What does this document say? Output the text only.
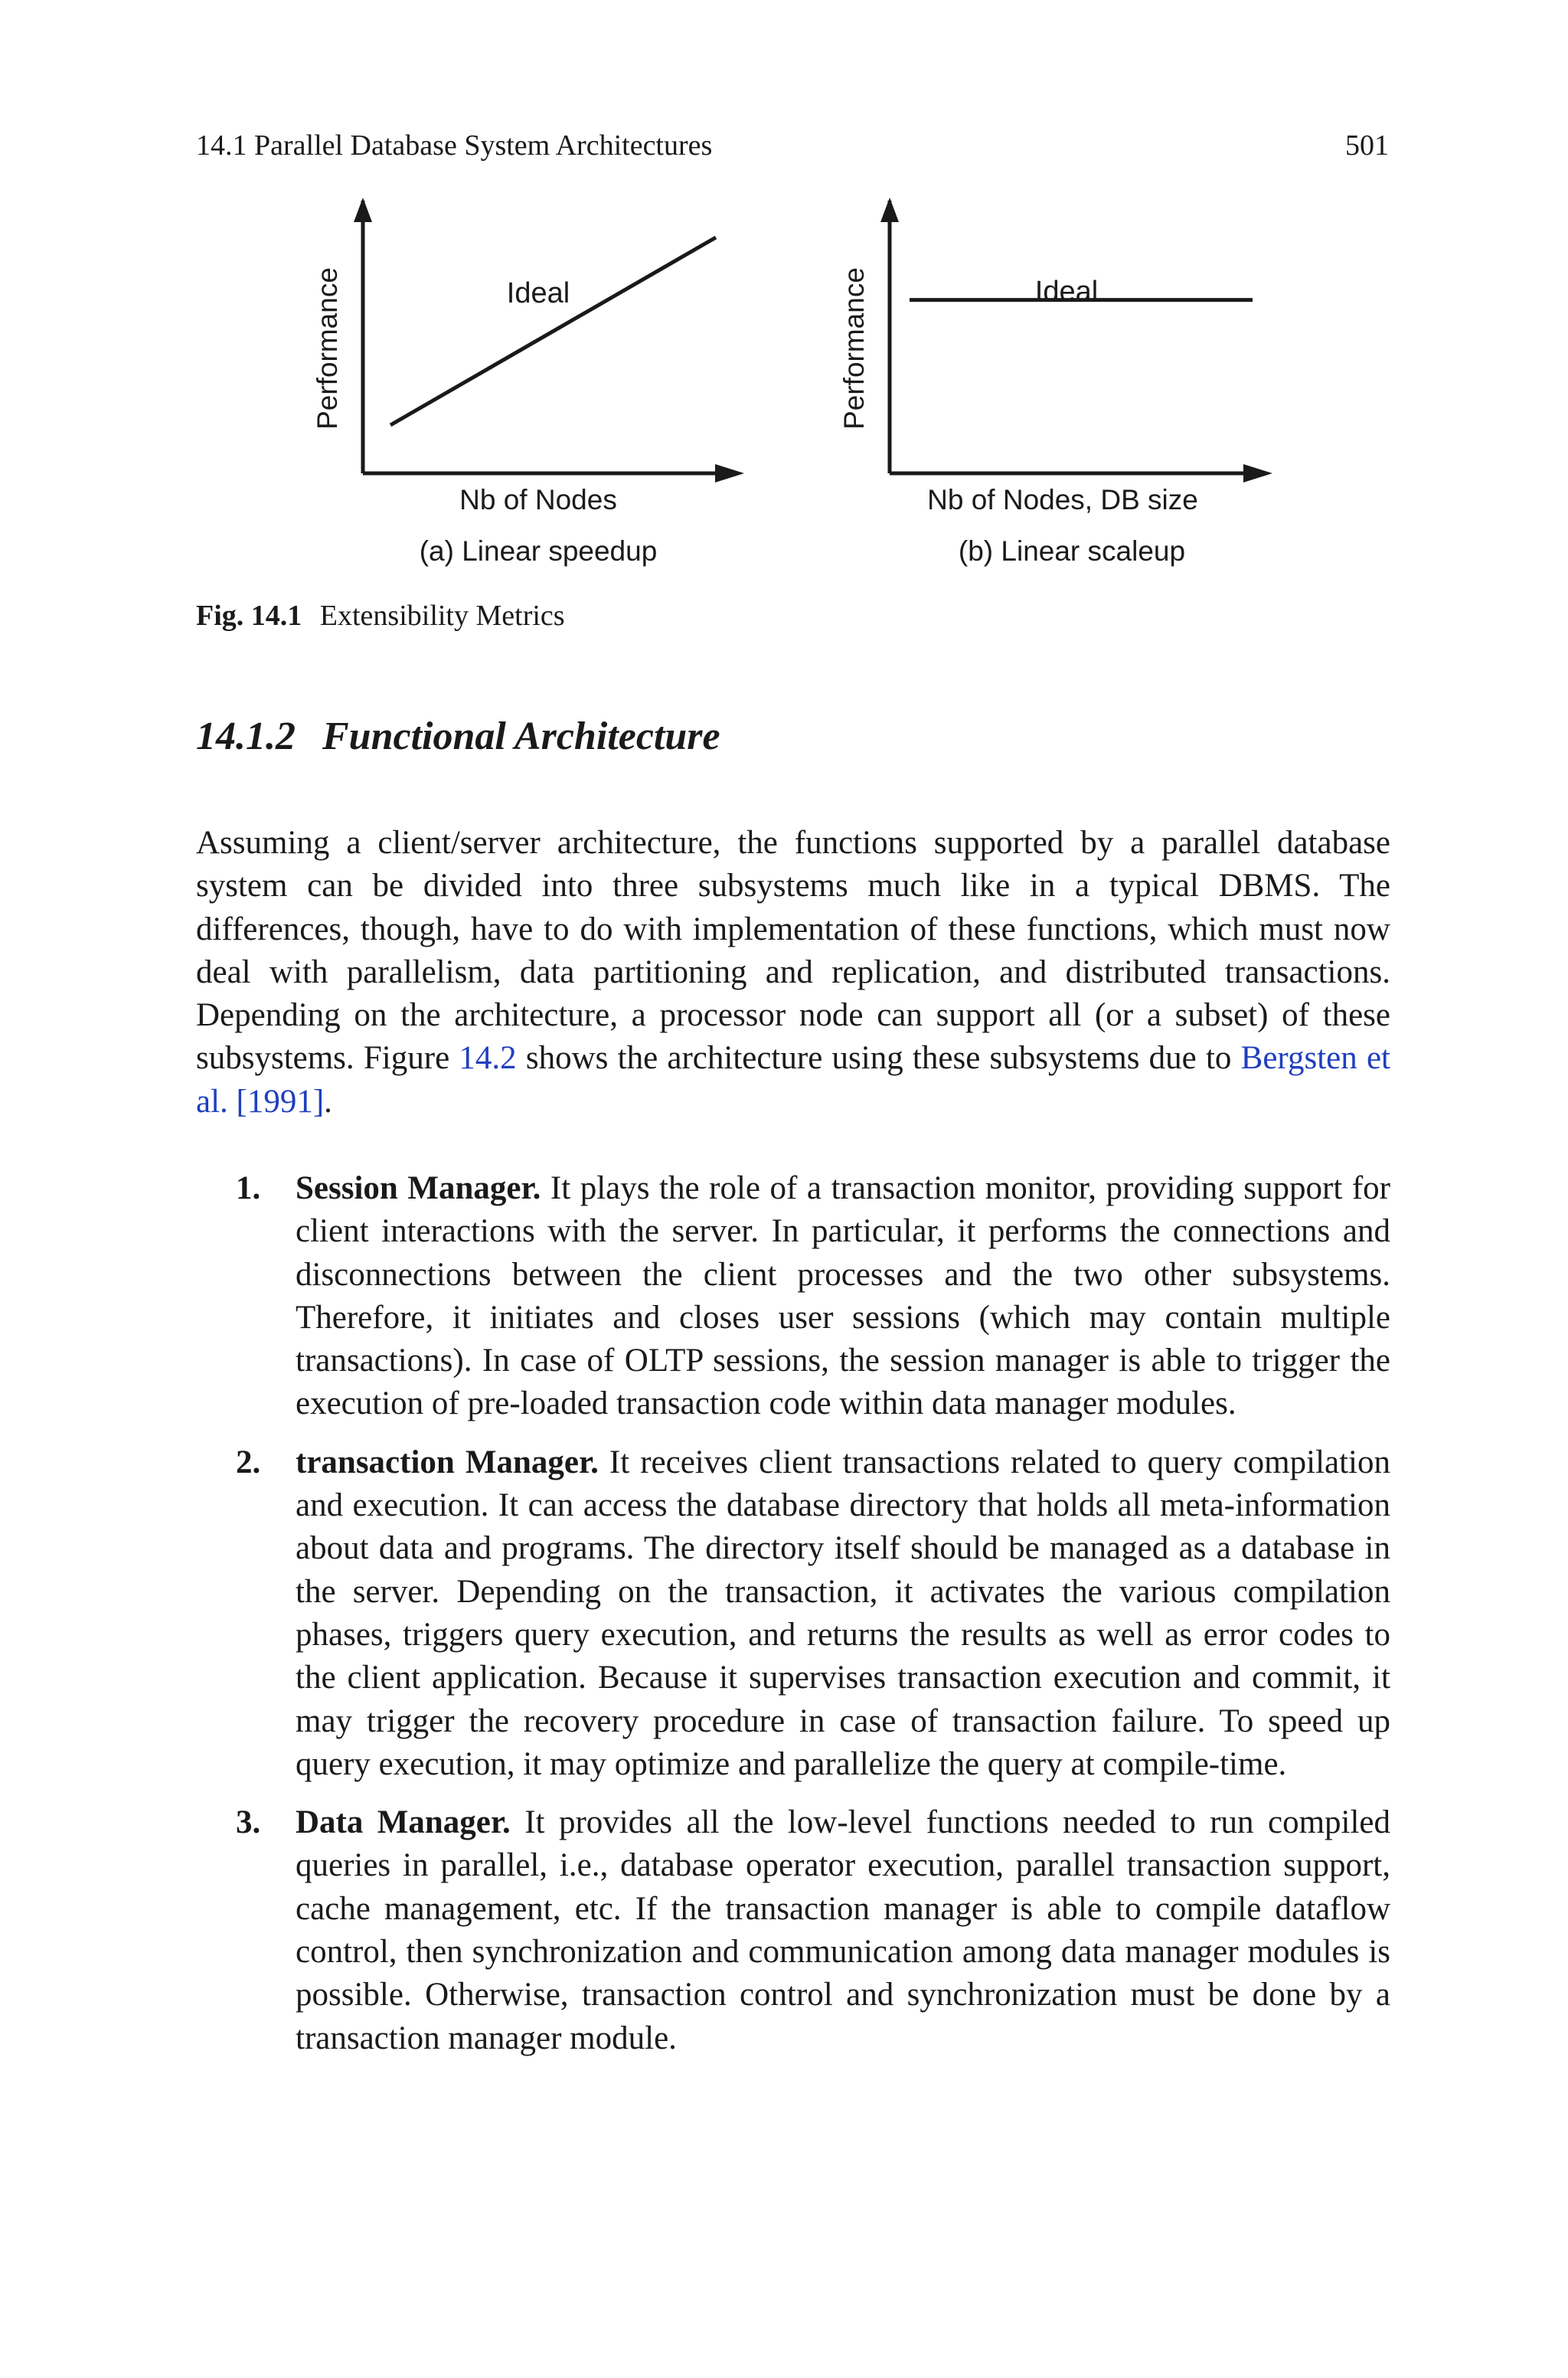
14.1 Parallel Database System Architectures	501
Ideal
Performance
Nb of Nodes
(a) Linear speedup
Ideal
Performance
Nb of Nodes, DB size
(b) Linear scaleup
Fig. 14.1 Extensibility Metrics
14.1.2 Functional Architecture

Assuming a client/server architecture, the functions supported by a parallel database system can be divided into three subsystems much like in a typical DBMS. The differences, though, have to do with implementation of these functions, which must now deal with parallelism, data partitioning and replication, and distributed transactions. Depending on the architecture, a processor node can support all (or a subset) of these subsystems. Figure 14.2 shows the architecture using these subsystems due to Bergsten et al. [1991].

1. Session Manager. It plays the role of a transaction monitor, providing support for client interactions with the server. In particular, it performs the connections and disconnections between the client processes and the two other subsystems. Therefore, it initiates and closes user sessions (which may contain multiple transactions). In case of OLTP sessions, the session manager is able to trigger the execution of pre-loaded transaction code within data manager modules.
2. transaction Manager. It receives client transactions related to query compilation and execution. It can access the database directory that holds all meta-information about data and programs. The directory itself should be managed as a database in the server. Depending on the transaction, it activates the various compilation phases, triggers query execution, and returns the results as well as error codes to the client application. Because it supervises transaction execution and commit, it may trigger the recovery procedure in case of transaction failure. To speed up query execution, it may optimize and parallelize the query at compile-time.
3. Data Manager. It provides all the low-level functions needed to run compiled queries in parallel, i.e., database operator execution, parallel transaction support, cache management, etc. If the transaction manager is able to compile dataflow control, then synchronization and communication among data manager modules is possible. Otherwise, transaction control and synchronization must be done by a transaction manager module.
